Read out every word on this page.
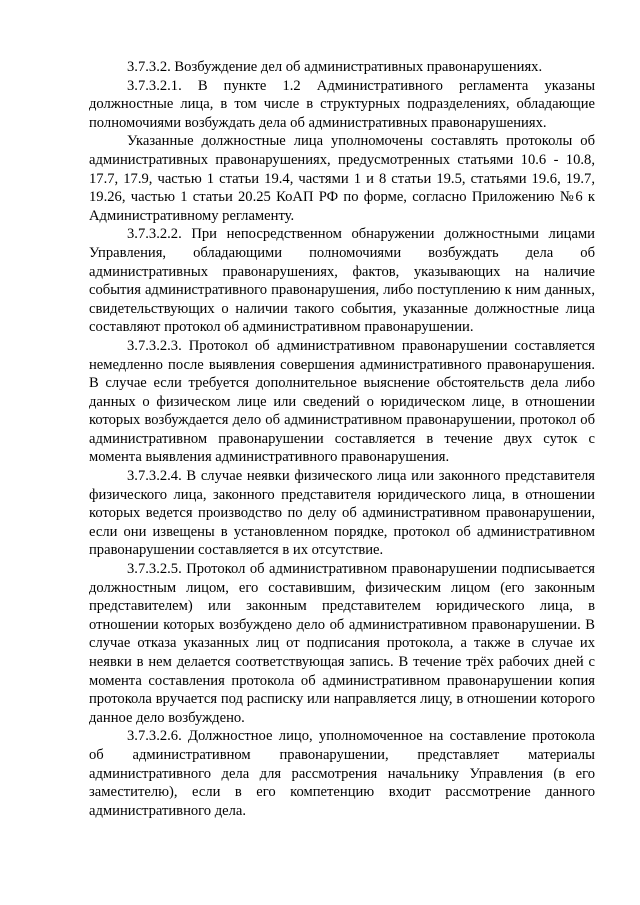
3.7.3.2. Возбуждение дел об административных правонарушениях.

3.7.3.2.1. В пункте 1.2 Административного регламента указаны должностные лица, в том числе в структурных подразделениях, обладающие полномочиями возбуждать дела об административных правонарушениях.

Указанные должностные лица уполномочены составлять протоколы об административных правонарушениях, предусмотренных статьями 10.6 - 10.8, 17.7, 17.9, частью 1 статьи 19.4, частями 1 и 8 статьи 19.5, статьями 19.6, 19.7, 19.26, частью 1 статьи 20.25 КоАП РФ по форме, согласно Приложению №6 к Административному регламенту.

3.7.3.2.2. При непосредственном обнаружении должностными лицами Управления, обладающими полномочиями возбуждать дела об административных правонарушениях, фактов, указывающих на наличие события административного правонарушения, либо поступлению к ним данных, свидетельствующих о наличии такого события, указанные должностные лица составляют протокол об административном правонарушении.

3.7.3.2.3. Протокол об административном правонарушении составляется немедленно после выявления совершения административного правонарушения. В случае если требуется дополнительное выяснение обстоятельств дела либо данных о физическом лице или сведений о юридическом лице, в отношении которых возбуждается дело об административном правонарушении, протокол об административном правонарушении составляется в течение двух суток с момента выявления административного правонарушения.

3.7.3.2.4. В случае неявки физического лица или законного представителя физического лица, законного представителя юридического лица, в отношении которых ведется производство по делу об административном правонарушении, если они извещены в установленном порядке, протокол об административном правонарушении составляется в их отсутствие.

3.7.3.2.5. Протокол об административном правонарушении подписывается должностным лицом, его составившим, физическим лицом (его законным представителем) или законным представителем юридического лица, в отношении которых возбуждено дело об административном правонарушении. В случае отказа указанных лиц от подписания протокола, а также в случае их неявки в нем делается соответствующая запись. В течение трёх рабочих дней с момента составления протокола об административном правонарушении копия протокола вручается под расписку или направляется лицу, в отношении которого данное дело возбуждено.

3.7.3.2.6. Должностное лицо, уполномоченное на составление протокола об административном правонарушении, представляет материалы административного дела для рассмотрения начальнику Управления (в его заместителю), если в его компетенцию входит рассмотрение данного административного дела.
